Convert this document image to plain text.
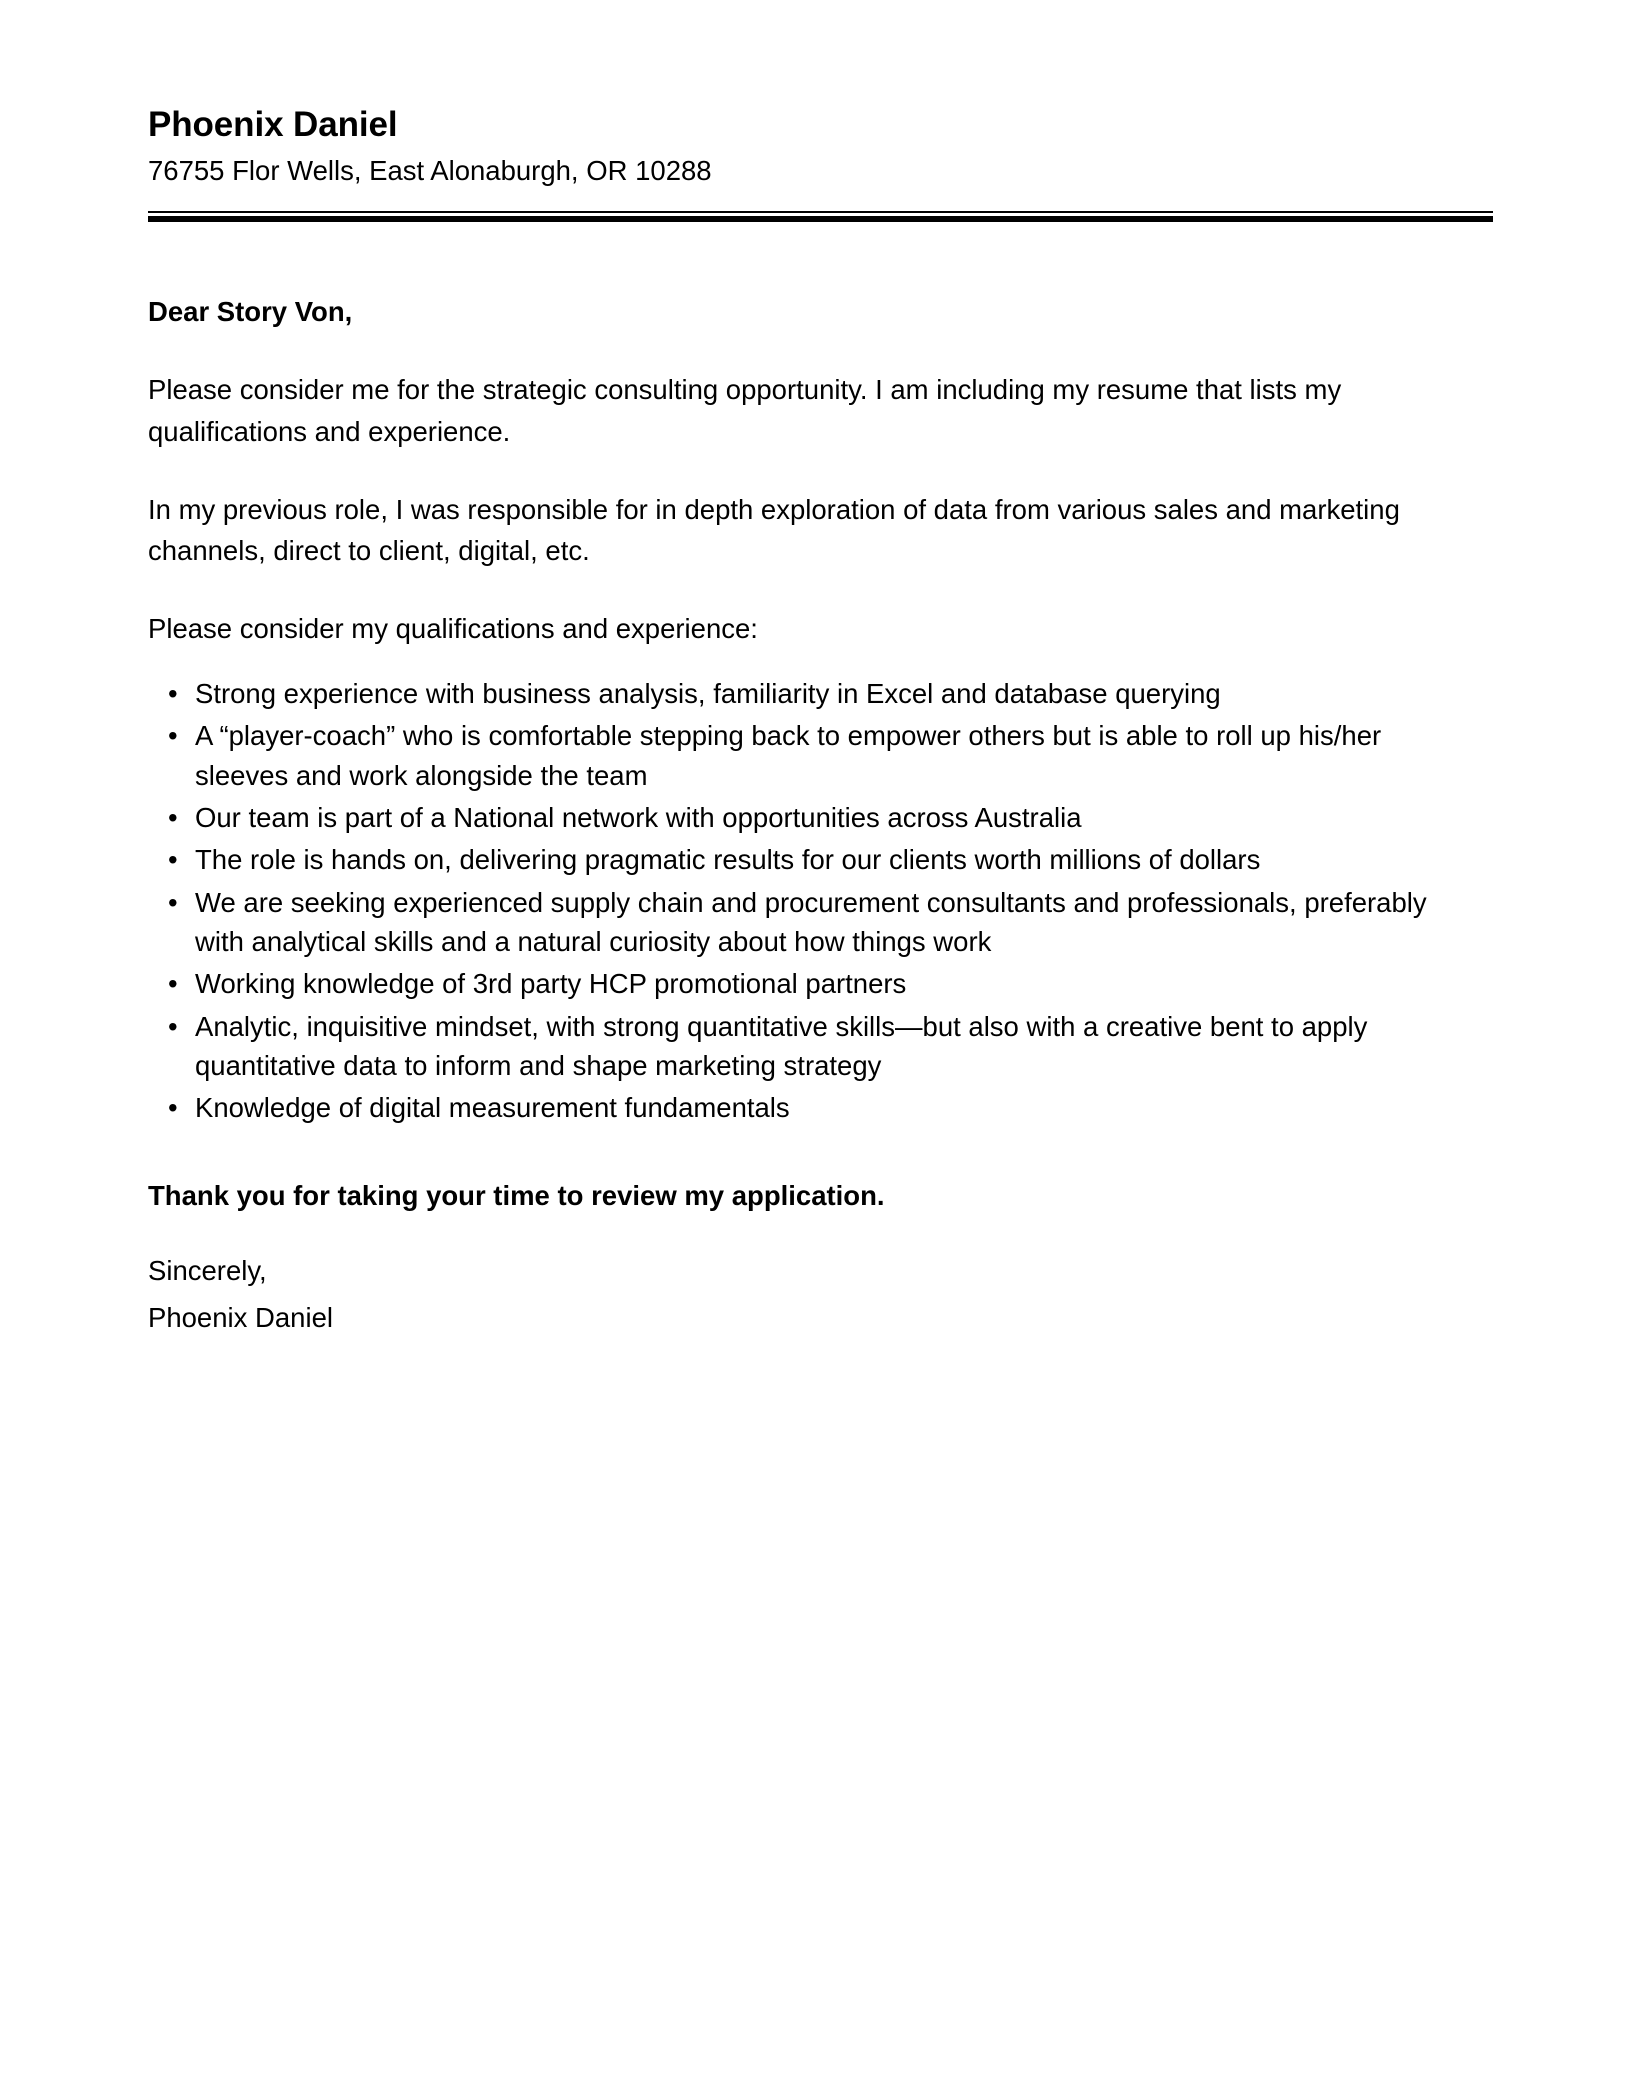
Phoenix Daniel
76755 Flor Wells, East Alonaburgh, OR 10288

Dear Story Von,

Please consider me for the strategic consulting opportunity. I am including my resume that lists my qualifications and experience.

In my previous role, I was responsible for in depth exploration of data from various sales and marketing channels, direct to client, digital, etc.

Please consider my qualifications and experience:

• Strong experience with business analysis, familiarity in Excel and database querying
• A “player-coach” who is comfortable stepping back to empower others but is able to roll up his/her sleeves and work alongside the team
• Our team is part of a National network with opportunities across Australia
• The role is hands on, delivering pragmatic results for our clients worth millions of dollars
• We are seeking experienced supply chain and procurement consultants and professionals, preferably with analytical skills and a natural curiosity about how things work
• Working knowledge of 3rd party HCP promotional partners
• Analytic, inquisitive mindset, with strong quantitative skills—but also with a creative bent to apply quantitative data to inform and shape marketing strategy
• Knowledge of digital measurement fundamentals

Thank you for taking your time to review my application.

Sincerely,

Phoenix Daniel
